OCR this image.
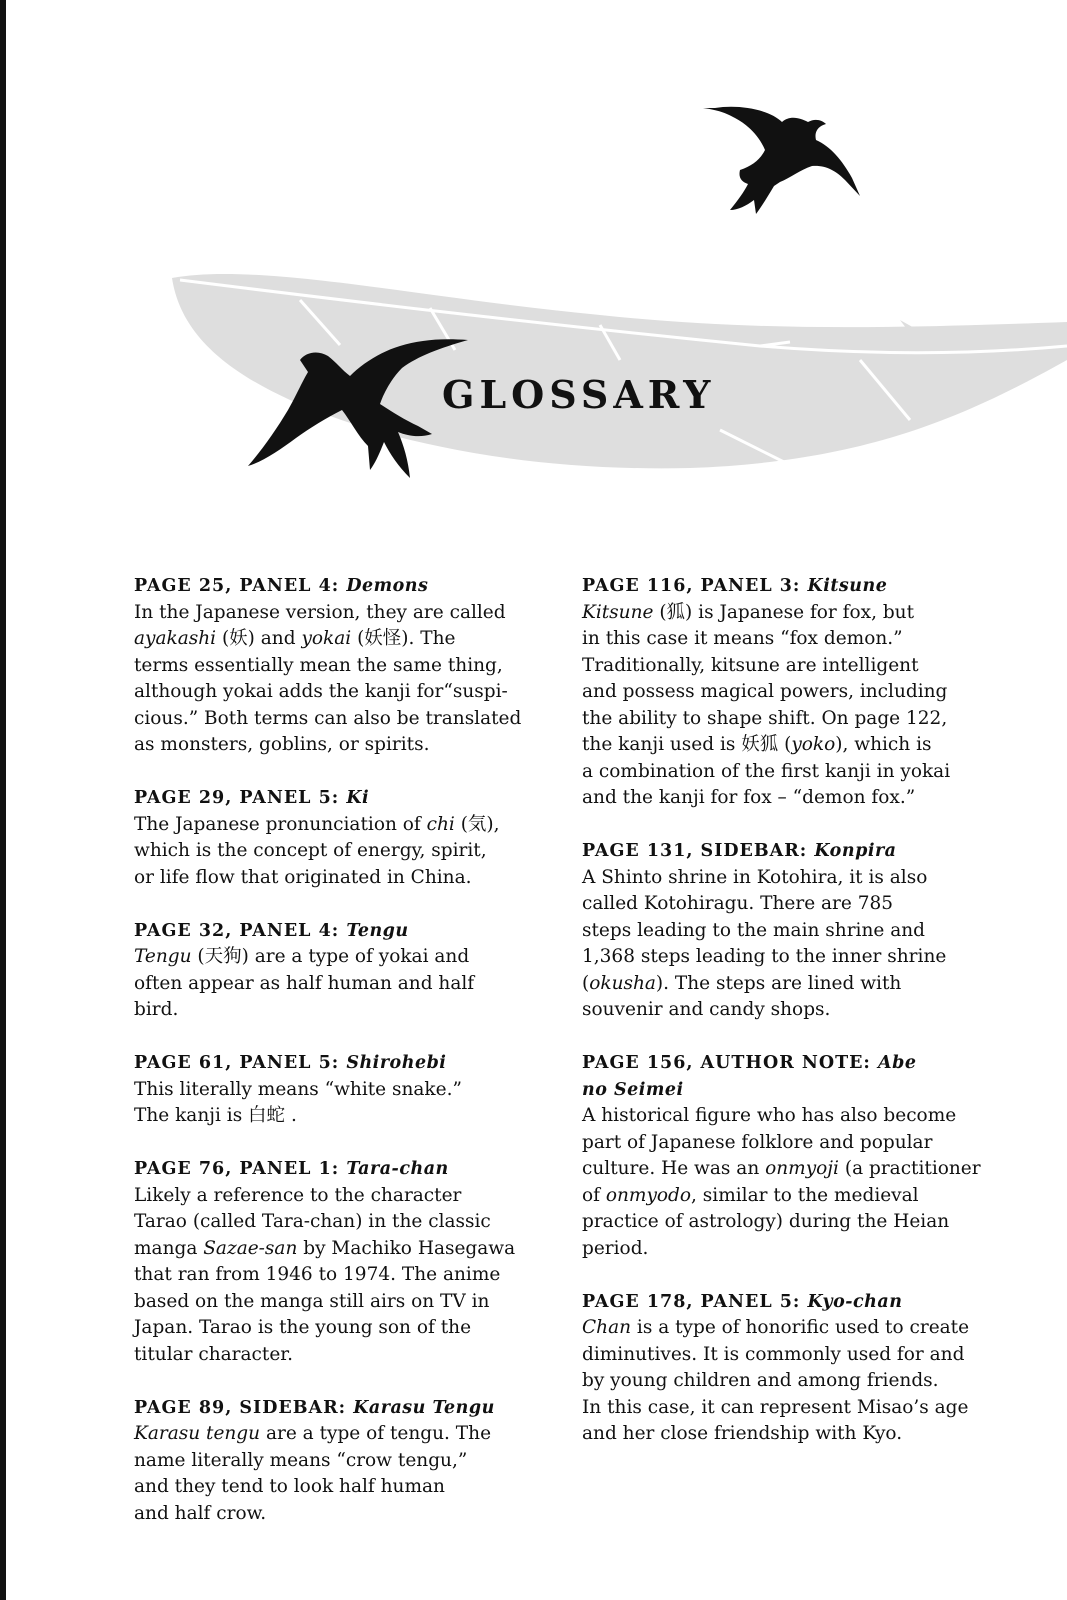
GLOSSARY
PAGE 25, PANEL 4: Demons
In the Japanese version, they are called
ayakashi (妖) and yokai (妖怪). The
terms essentially mean the same thing,
although yokai adds the kanji for“suspi-
cious.” Both terms can also be translated
as monsters, goblins, or spirits.
PAGE 29, PANEL 5: Ki
The Japanese pronunciation of chi (気),
which is the concept of energy, spirit,
or life flow that originated in China.
PAGE 32, PANEL 4: Tengu
Tengu (天狗) are a type of yokai and
often appear as half human and half
bird.
PAGE 61, PANEL 5: Shirohebi
This literally means “white snake.”
The kanji is 白蛇 .
PAGE 76, PANEL 1: Tara-chan
Likely a reference to the character
Tarao (called Tara-chan) in the classic
manga Sazae-san by Machiko Hasegawa
that ran from 1946 to 1974. The anime
based on the manga still airs on TV in
Japan. Tarao is the young son of the
titular character.
PAGE 89, SIDEBAR: Karasu Tengu
Karasu tengu are a type of tengu. The
name literally means “crow tengu,”
and they tend to look half human
and half crow.
PAGE 116, PANEL 3: Kitsune
Kitsune (狐) is Japanese for fox, but
in this case it means “fox demon.”
Traditionally, kitsune are intelligent
and possess magical powers, including
the ability to shape shift. On page 122,
the kanji used is 妖狐 (yoko), which is
a combination of the first kanji in yokai
and the kanji for fox – “demon fox.”
PAGE 131, SIDEBAR: Konpira
A Shinto shrine in Kotohira, it is also
called Kotohiragu. There are 785
steps leading to the main shrine and
1,368 steps leading to the inner shrine
(okusha). The steps are lined with
souvenir and candy shops.
PAGE 156, AUTHOR NOTE: Abe no Seimei
A historical figure who has also become
part of Japanese folklore and popular
culture. He was an onmyoji (a practitioner
of onmyodo, similar to the medieval
practice of astrology) during the Heian
period.
PAGE 178, PANEL 5: Kyo-chan
Chan is a type of honorific used to create
diminutives. It is commonly used for and
by young children and among friends.
In this case, it can represent Misao’s age
and her close friendship with Kyo.
